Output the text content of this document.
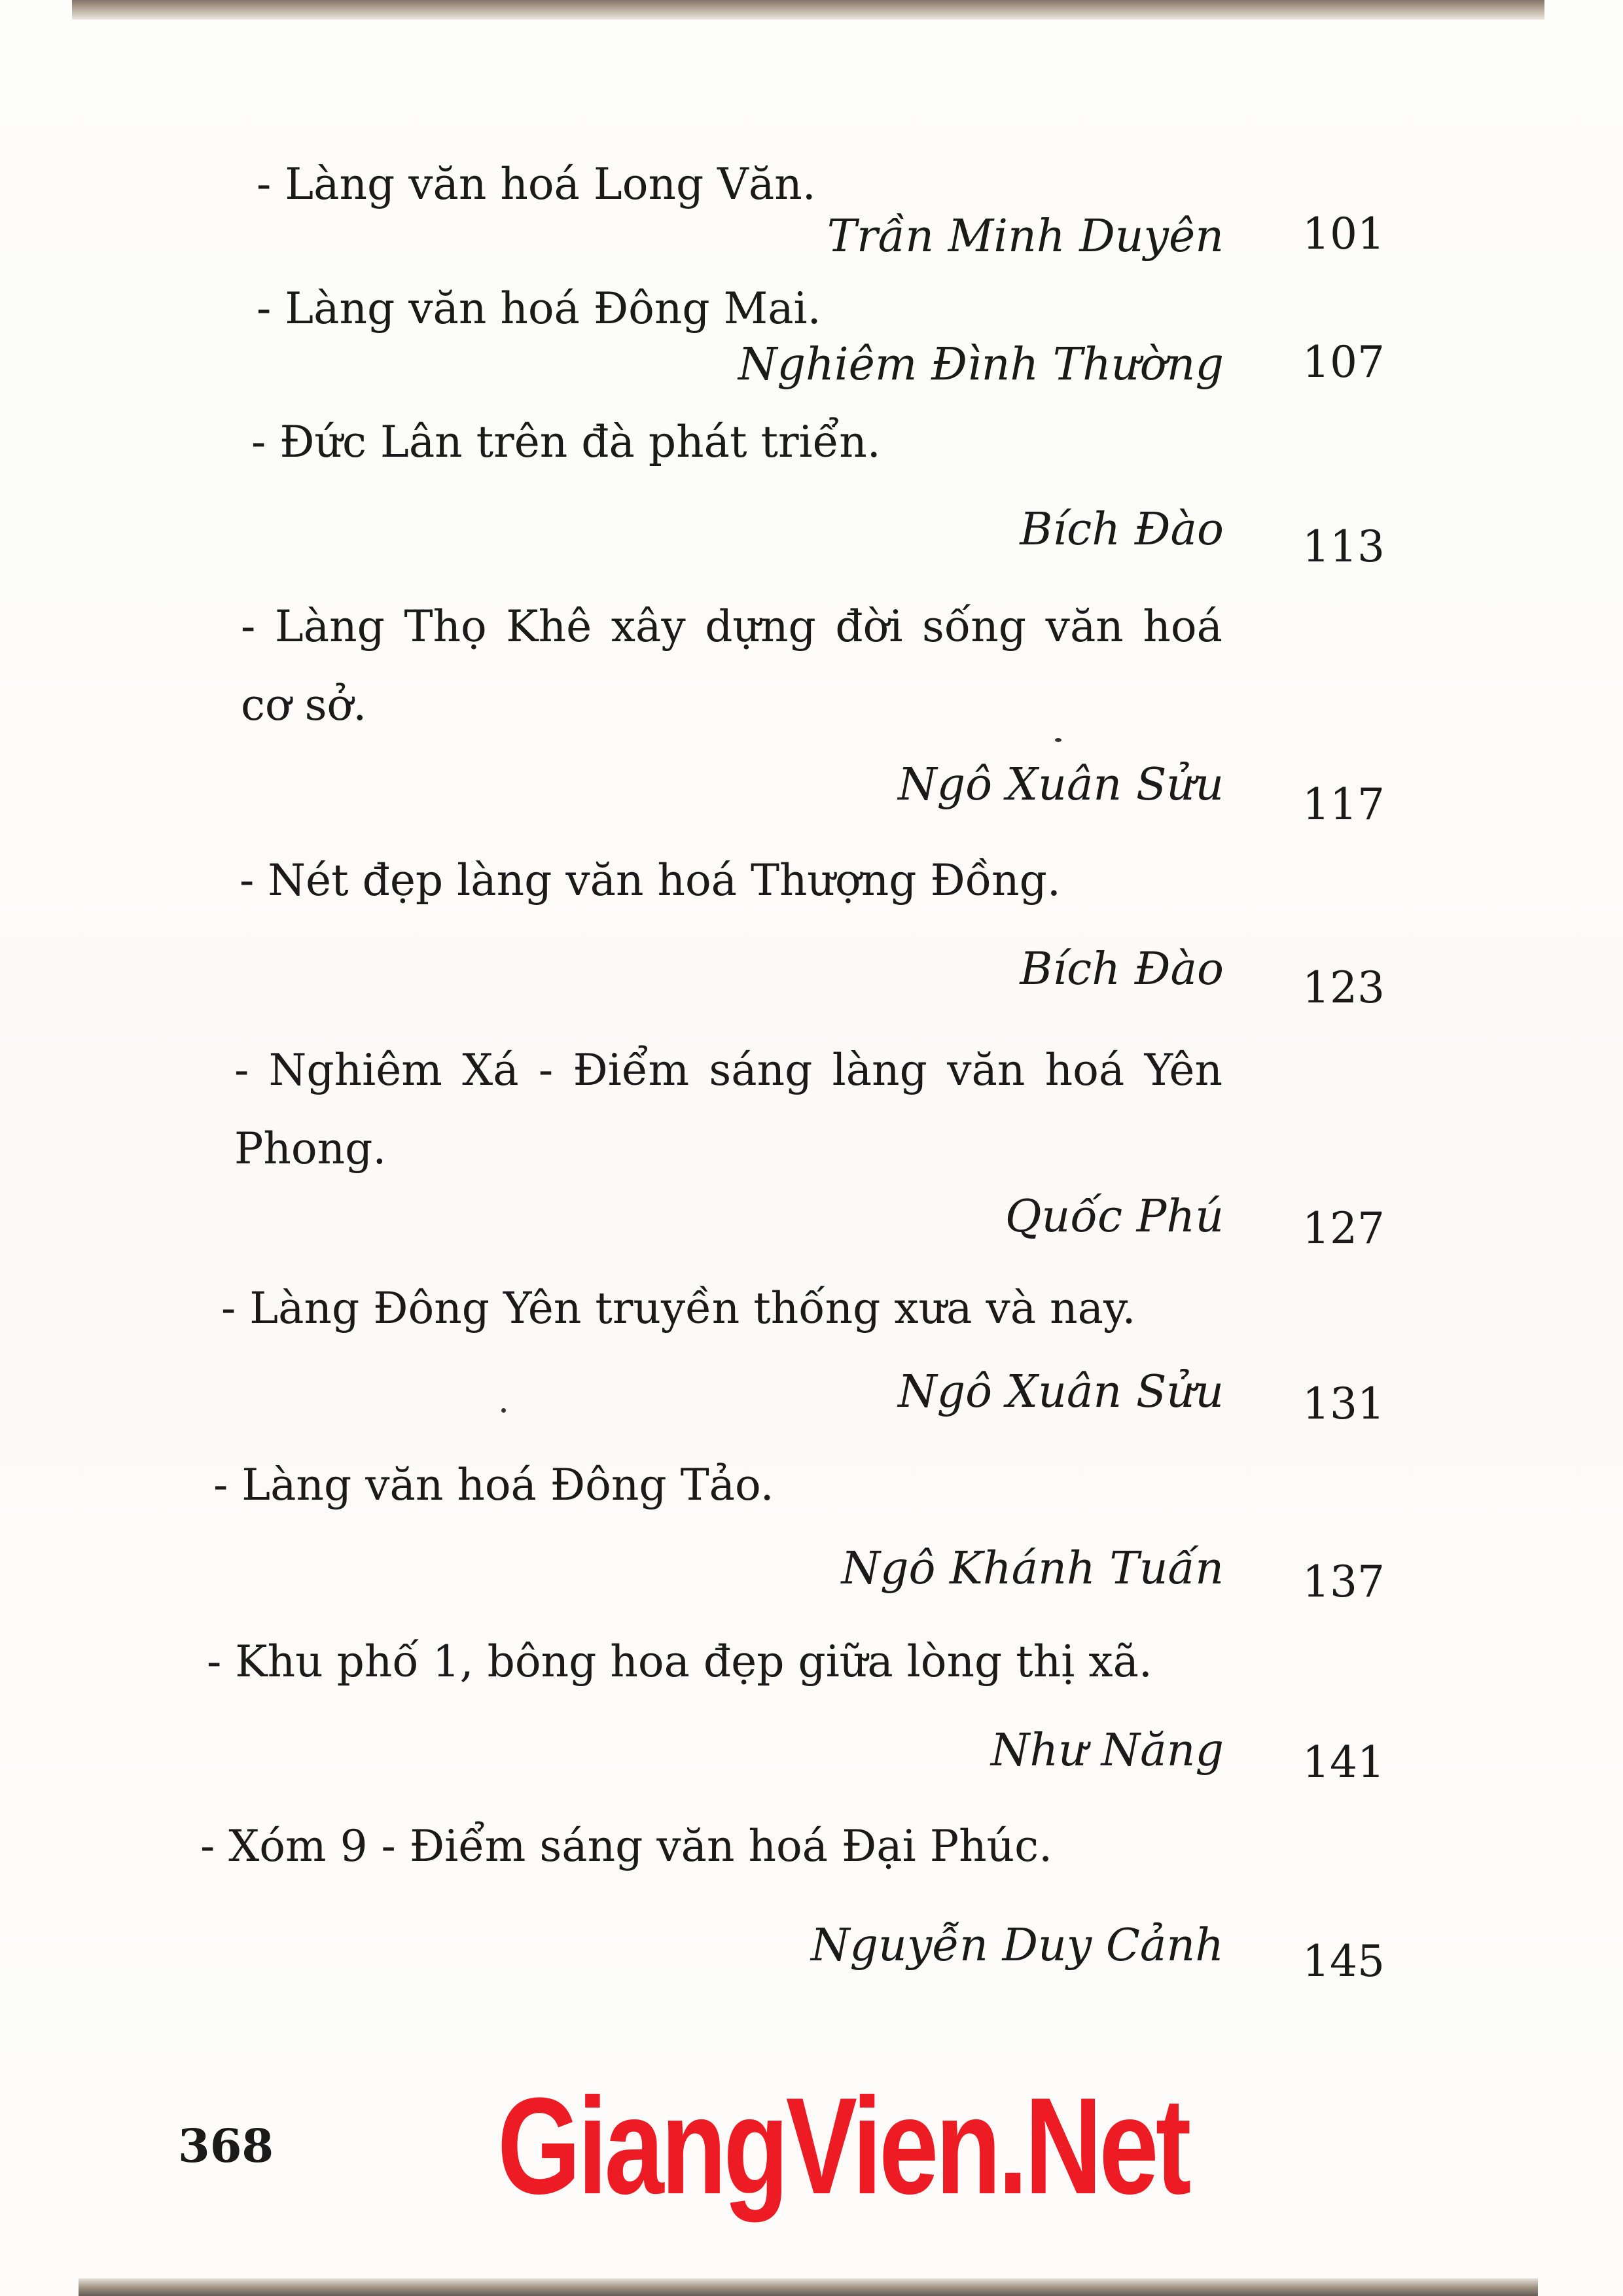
- Làng văn hoá Long Văn.
Trần Minh Duyên 101
- Làng văn hoá Đông Mai.
Nghiêm Đình Thường 107
- Đức Lân trên đà phát triển.
Bích Đào 113
- Làng Thọ Khê xây dựng đời sống văn hoá cơ sở.
Ngô Xuân Sửu 117
- Nét đẹp làng văn hoá Thượng Đồng.
Bích Đào 123
- Nghiêm Xá - Điểm sáng làng văn hoá Yên Phong.
Quốc Phú 127
- Làng Đông Yên truyền thống xưa và nay.
Ngô Xuân Sửu 131
- Làng văn hoá Đông Tảo.
Ngô Khánh Tuấn 137
- Khu phố 1, bông hoa đẹp giữa lòng thị xã.
Như Năng 141
- Xóm 9 - Điểm sáng văn hoá Đại Phúc.
Nguyễn Duy Cảnh 145
368 GiangVien.Net
